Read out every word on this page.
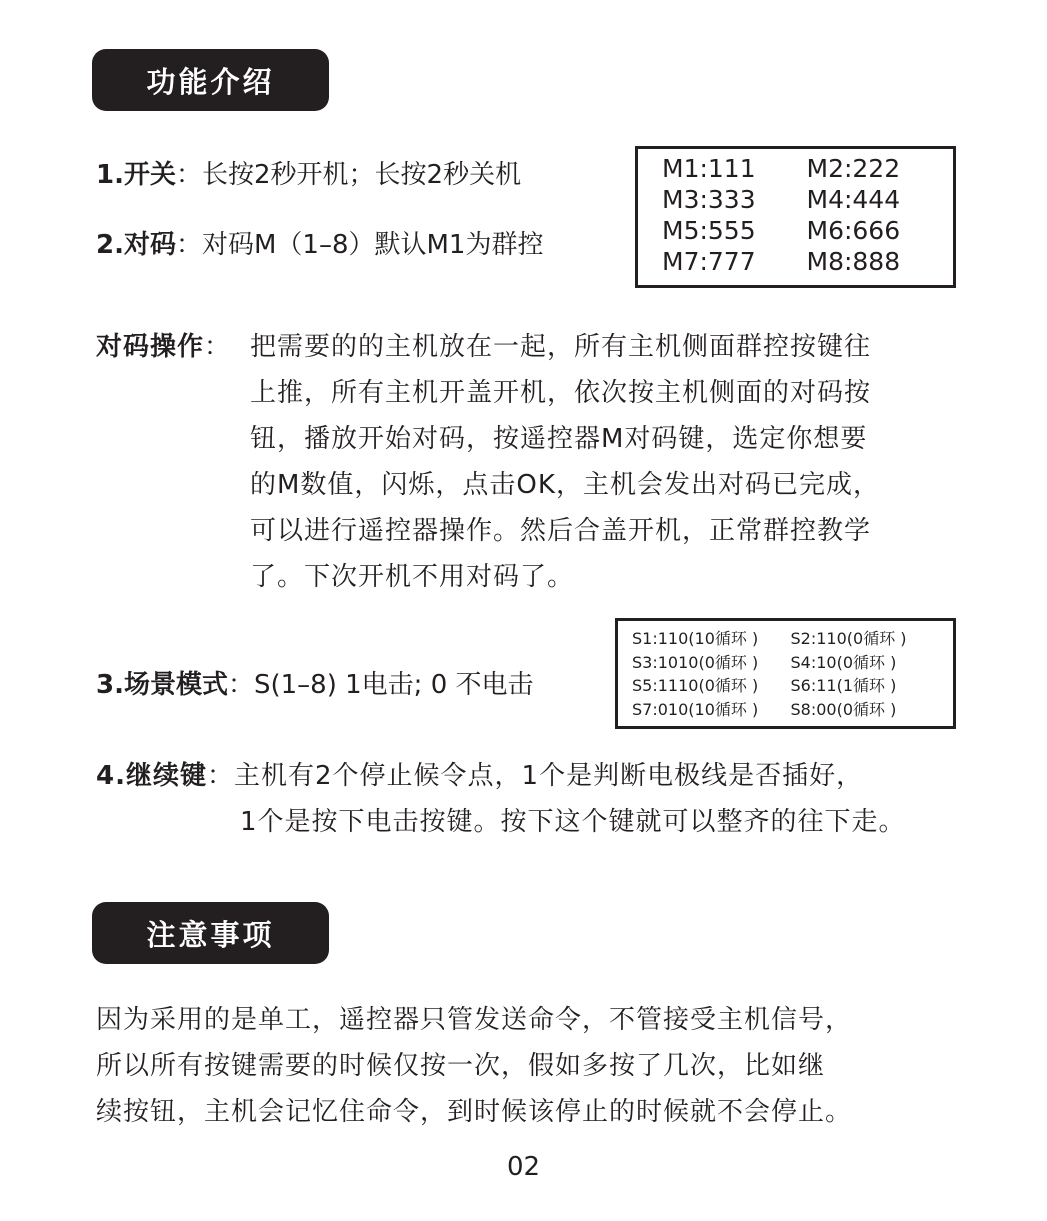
功能介绍
1.开关：长按2秒开机；长按2秒关机
2.对码：对码M（1–8）默认M1为群控
M1:111	M2:222
M3:333	M4:444
M5:555	M6:666
M7:777	M8:888
对码操作： 把需要的的主机放在一起，所有主机侧面群控按键往
上推，所有主机开盖开机，依次按主机侧面的对码按
钮，播放开始对码，按遥控器M对码键，选定你想要
的M数值，闪烁，点击OK，主机会发出对码已完成，
可以进行遥控器操作。然后合盖开机，正常群控教学
了。下次开机不用对码了。
3.场景模式：S(1–8) 1电击; 0 不电击
S1:110(10循环 )	S2:110(0循环 )
S3:1010(0循环 )	S4:10(0循环 )
S5:1110(0循环 )	S6:11(1循环 )
S7:010(10循环 )	S8:00(0循环 )
4.继续键：主机有2个停止候令点，1个是判断电极线是否插好，
1个是按下电击按键。按下这个键就可以整齐的往下走。
注意事项
因为采用的是单工，遥控器只管发送命令，不管接受主机信号，
所以所有按键需要的时候仅按一次，假如多按了几次，比如继
续按钮，主机会记忆住命令，到时候该停止的时候就不会停止。
02
